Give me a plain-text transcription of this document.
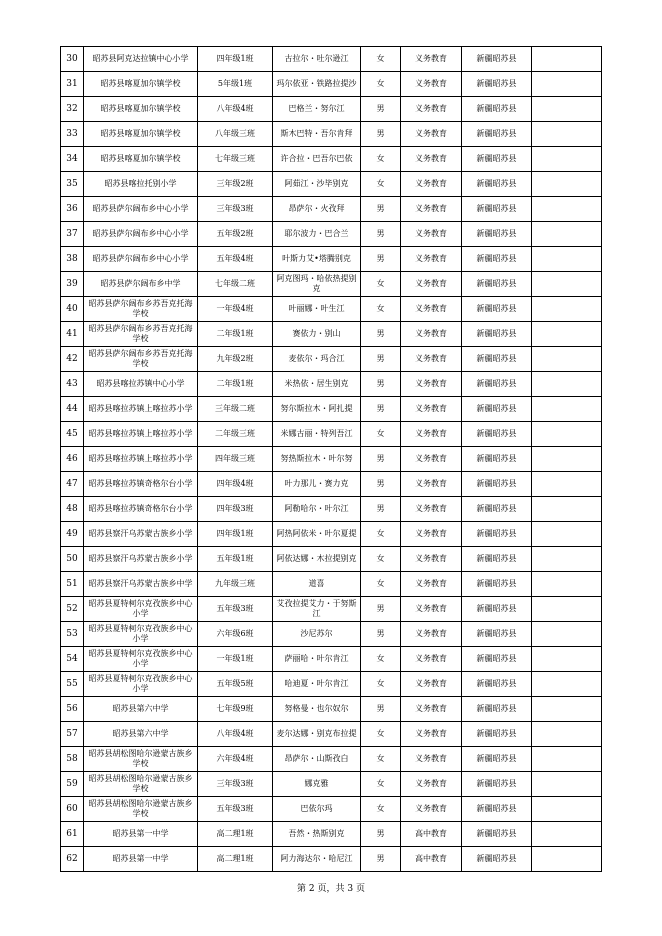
30	昭苏县阿克达拉镇中心小学	四年级1班	古拉尔・吐尔逊江	女	义务教育	新疆昭苏县	
31	昭苏县喀夏加尔镇学校	5年级1班	玛尔依亚・铁路拉提沙	女	义务教育	新疆昭苏县	
32	昭苏县喀夏加尔镇学校	八年级4班	巴格兰・努尔江	男	义务教育	新疆昭苏县	
33	昭苏县喀夏加尔镇学校	八年级三班	斯木巴特・吾尔肯拜	男	义务教育	新疆昭苏县	
34	昭苏县喀夏加尔镇学校	七年级三班	许合拉・巴吾尔巴依	女	义务教育	新疆昭苏县	
35	昭苏县喀拉托别小学	三年级2班	阿茹江・沙毕别克	女	义务教育	新疆昭苏县	
36	昭苏县萨尔阔布乡中心小学	三年级3班	昂萨尔・火孜拜	男	义务教育	新疆昭苏县	
37	昭苏县萨尔阔布乡中心小学	五年级2班	耶尔波力・巴合兰	男	义务教育	新疆昭苏县	
38	昭苏县萨尔阔布乡中心小学	五年级4班	叶斯力艾•塔腾别克	男	义务教育	新疆昭苏县	
39	昭苏县萨尔阔布乡中学	七年级二班	阿克图玛・哈依热提别克	女	义务教育	新疆昭苏县	
40	昭苏县萨尔阔布乡苏吾克托海学校	一年级4班	叶丽娜・叶生江	女	义务教育	新疆昭苏县	
41	昭苏县萨尔阔布乡苏吾克托海学校	二年级1班	赛依力・别山	男	义务教育	新疆昭苏县	
42	昭苏县萨尔阔布乡苏吾克托海学校	九年级2班	麦依尔・玛合江	男	义务教育	新疆昭苏县	
43	昭苏县喀拉苏镇中心小学	二年级1班	米热依・居生别克	男	义务教育	新疆昭苏县	
44	昭苏县喀拉苏镇上喀拉苏小学	三年级二班	努尔斯拉木・阿扎提	男	义务教育	新疆昭苏县	
45	昭苏县喀拉苏镇上喀拉苏小学	二年级三班	米娜古丽・特列吾江	女	义务教育	新疆昭苏县	
46	昭苏县喀拉苏镇上喀拉苏小学	四年级三班	努热斯拉木・叶尔努	男	义务教育	新疆昭苏县	
47	昭苏县喀拉苏镇奇格尔台小学	四年级4班	叶力那儿・赛力克	男	义务教育	新疆昭苏县	
48	昭苏县喀拉苏镇奇格尔台小学	四年级3班	阿勒哈尔・叶尔江	男	义务教育	新疆昭苏县	
49	昭苏县察汗乌苏蒙古族乡小学	四年级1班	阿热阿依米・叶尔夏提	女	义务教育	新疆昭苏县	
50	昭苏县察汗乌苏蒙古族乡小学	五年级1班	阿依达娜・木拉提别克	女	义务教育	新疆昭苏县	
51	昭苏县察汗乌苏蒙古族乡中学	九年级三班	道喜	女	义务教育	新疆昭苏县	
52	昭苏县夏特柯尔克孜族乡中心小学	五年级3班	艾孜拉提艾力・于努斯江	男	义务教育	新疆昭苏县	
53	昭苏县夏特柯尔克孜族乡中心小学	六年级6班	沙尼苏尔	男	义务教育	新疆昭苏县	
54	昭苏县夏特柯尔克孜族乡中心小学	一年级1班	萨丽哈・叶尔肯江	女	义务教育	新疆昭苏县	
55	昭苏县夏特柯尔克孜族乡中心小学	五年级5班	哈迪夏・叶尔肯江	女	义务教育	新疆昭苏县	
56	昭苏县第六中学	七年级9班	努格曼・也尔奴尔	男	义务教育	新疆昭苏县	
57	昭苏县第六中学	八年级4班	麦尔达娜・别克布拉提	女	义务教育	新疆昭苏县	
58	昭苏县胡松图哈尔逊蒙古族乡学校	六年级4班	昂萨尔・山斯孜白	女	义务教育	新疆昭苏县	
59	昭苏县胡松图哈尔逊蒙古族乡学校	三年级3班	娜克雅	女	义务教育	新疆昭苏县	
60	昭苏县胡松图哈尔逊蒙古族乡学校	五年级3班	巴依尔玛	女	义务教育	新疆昭苏县	
61	昭苏县第一中学	高二理1班	吾然・热斯别克	男	高中教育	新疆昭苏县	
62	昭苏县第一中学	高二理1班	阿力海达尔・哈尼江	男	高中教育	新疆昭苏县	
第 2 页，共 3 页
